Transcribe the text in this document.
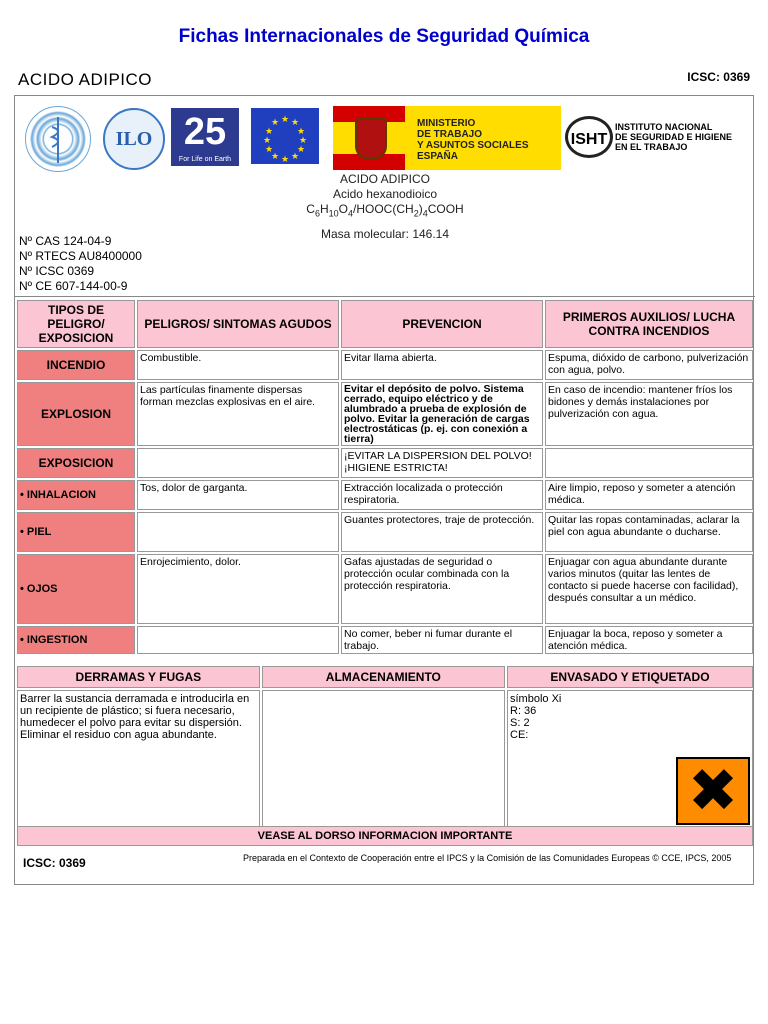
Fichas Internacionales de Seguridad Química
ACIDO ADIPICO	ICSC: 0369
ILO 25
For Life on Earth
★ ★
★
★
★
★
★
★
★
★
★
★	MINISTERIO
DE TRABAJO
Y ASUNTOS SOCIALES
ESPAÑA
ISHT
INSTITUTO NACIONAL
DE SEGURIDAD E HIGIENE
EN EL TRABAJO
ACIDO ADIPICO
Acido hexanodioico
$C_6H_{10}O_4/HOOC(CH_2)_4COOH$
Masa molecular: 146.14
Nº CAS 124-04-9
Nº RTECS AU8400000
Nº ICSC 0369
Nº CE 607-144-00-9
TIPOS DE PELIGRO/ EXPOSICION	PELIGROS/ SINTOMAS AGUDOS	PREVENCION	PRIMEROS AUXILIOS/ LUCHA CONTRA INCENDIOS
INCENDIO	Combustible.	Evitar llama abierta.	Espuma, dióxido de carbono, pulverización con agua, polvo.
EXPLOSION	Las partículas finamente dispersas forman mezclas explosivas en el aire.	Evitar el depósito de polvo. Sistema cerrado, equipo eléctrico y de alumbrado a prueba de explosión de polvo. Evitar la generación de cargas electrostáticas (p. ej. con conexión a tierra)	En caso de incendio: mantener fríos los bidones y demás instalaciones por pulverización con agua.
EXPOSICION		¡EVITAR LA DISPERSION DEL POLVO! ¡HIGIENE ESTRICTA!	
• INHALACION	Tos, dolor de garganta.	Extracción localizada o protección respiratoria.	Aire limpio, reposo y someter a atención médica.
• PIEL		Guantes protectores, traje de protección.	Quitar las ropas contaminadas, aclarar la piel con agua abundante o ducharse.
• OJOS	Enrojecimiento, dolor.	Gafas ajustadas de seguridad o protección ocular combinada con la protección respiratoria.	Enjuagar con agua abundante durante varios minutos (quitar las lentes de contacto si puede hacerse con facilidad), después consultar a un médico.
• INGESTION		No comer, beber ni fumar durante el trabajo.	Enjuagar la boca, reposo y someter a atención médica.
DERRAMAS Y FUGAS	ALMACENAMIENTO	ENVASADO Y ETIQUETADO
Barrer la sustancia derramada e introducirla en un recipiente de plástico; si fuera necesario, humedecer el polvo para evitar su dispersión. Eliminar el residuo con agua abundante.		símbolo Xi
R: 36
S: 2
CE:
✖
VEASE AL DORSO INFORMACION IMPORTANTE
ICSC: 0369	Preparada en el Contexto de Cooperación entre el IPCS y la Comisión de las Comunidades Europeas © CCE, IPCS, 2005
